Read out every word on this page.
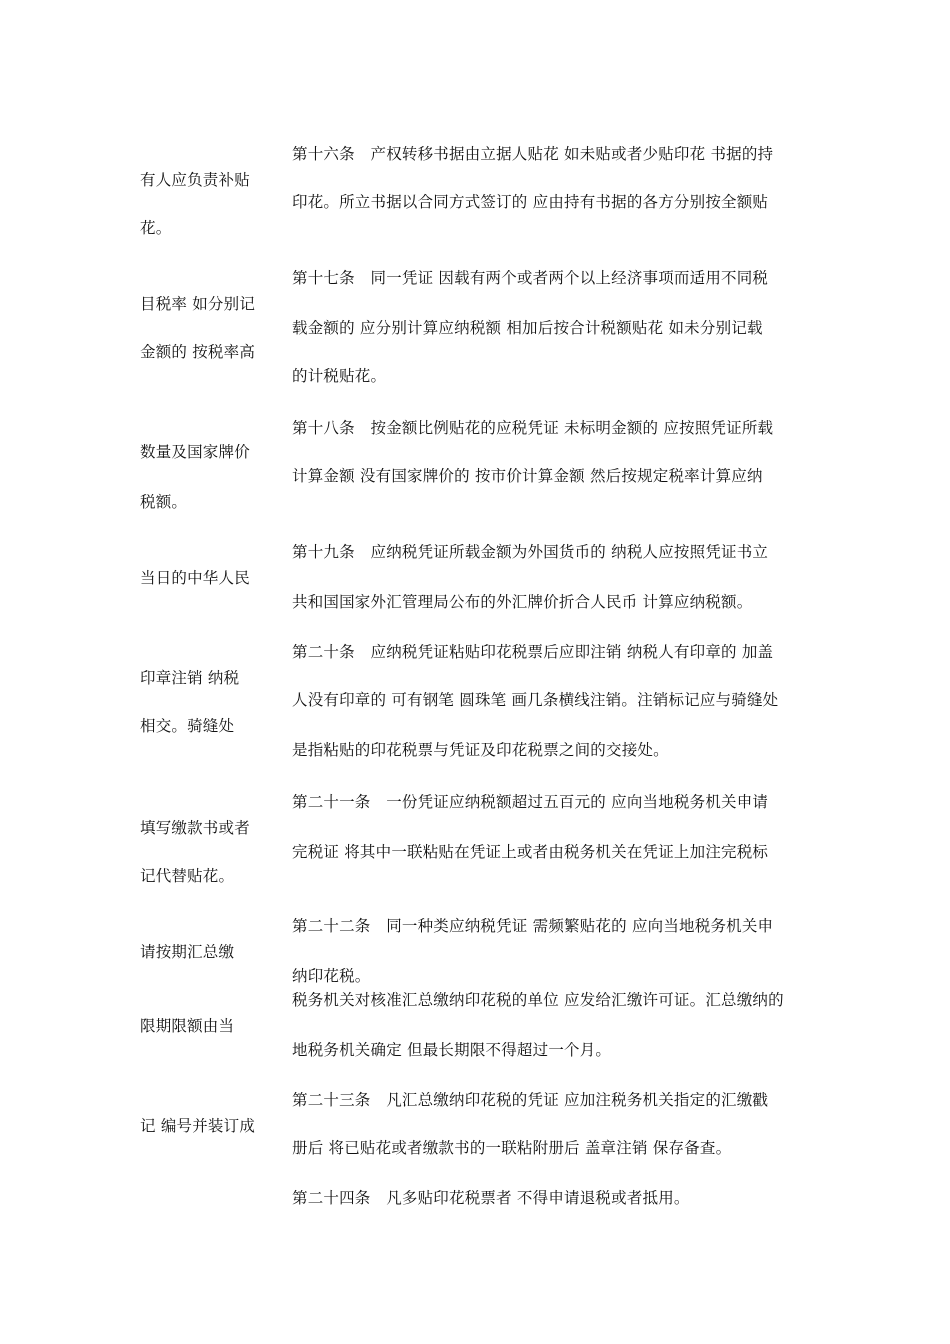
第十六条　产权转移书据由立据人贴花 如未贴或者少贴印花 书据的持
印花。所立书据以合同方式签订的 应由持有书据的各方分别按全额贴
第十七条　同一凭证 因载有两个或者两个以上经济事项而适用不同税
载金额的 应分别计算应纳税额 相加后按合计税额贴花 如未分别记载
的计税贴花。
第十八条　按金额比例贴花的应税凭证 未标明金额的 应按照凭证所载
计算金额 没有国家牌价的 按市价计算金额 然后按规定税率计算应纳
第十九条　应纳税凭证所载金额为外国货币的 纳税人应按照凭证书立
共和国国家外汇管理局公布的外汇牌价折合人民币 计算应纳税额。
第二十条　应纳税凭证粘贴印花税票后应即注销 纳税人有印章的 加盖
人没有印章的 可有钢笔 圆珠笔 画几条横线注销。注销标记应与骑缝处
是指粘贴的印花税票与凭证及印花税票之间的交接处。
第二十一条　一份凭证应纳税额超过五百元的 应向当地税务机关申请
完税证 将其中一联粘贴在凭证上或者由税务机关在凭证上加注完税标
第二十二条　同一种类应纳税凭证 需频繁贴花的 应向当地税务机关申
纳印花税。
税务机关对核准汇总缴纳印花税的单位 应发给汇缴许可证。汇总缴纳的
地税务机关确定 但最长期限不得超过一个月。
第二十三条　凡汇总缴纳印花税的凭证 应加注税务机关指定的汇缴戳
册后 将已贴花或者缴款书的一联粘附册后 盖章注销 保存备查。
第二十四条　凡多贴印花税票者 不得申请退税或者抵用。
有人应负责补贴
花。
目税率 如分别记
金额的 按税率高
数量及国家牌价
税额。
当日的中华人民
印章注销 纳税
相交。骑缝处
填写缴款书或者
记代替贴花。
请按期汇总缴
限期限额由当
记 编号并装订成
